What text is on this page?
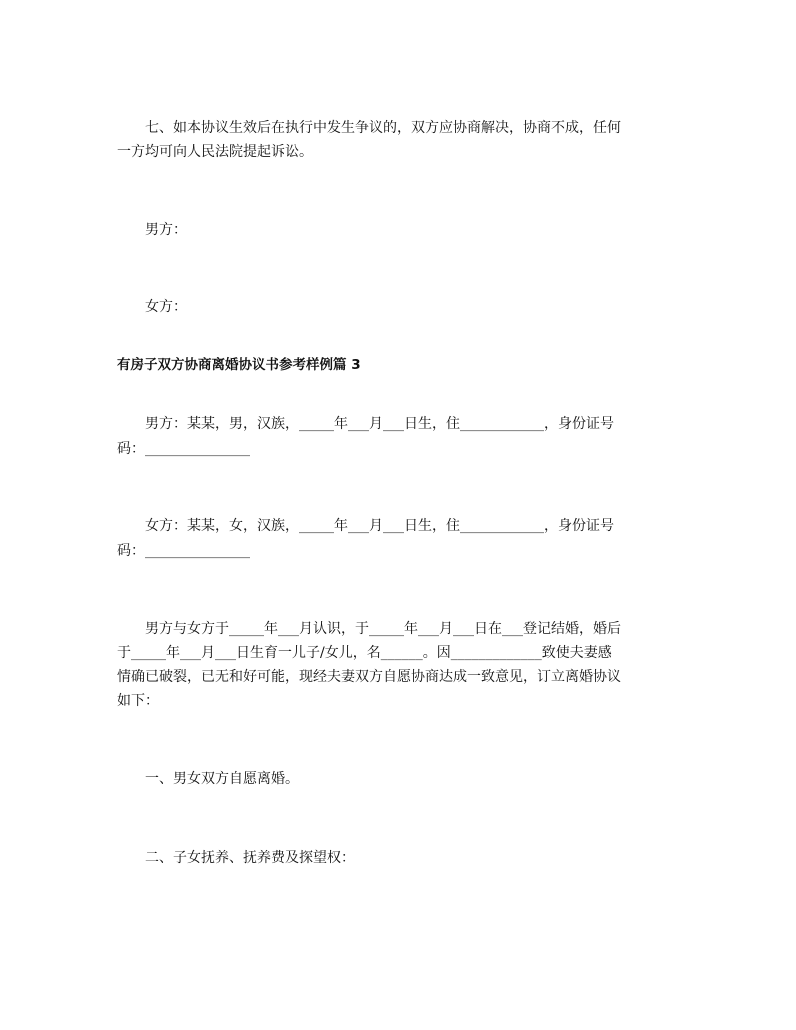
　　七、如本协议生效后在执行中发生争议的，双方应协商解决，协商不成，任何
一方均可向人民法院提起诉讼。
　　男方：
　　女方：
有房子双方协商离婚协议书参考样例篇 3
　　男方：某某，男，汉族，_____年___月___日生，住____________，身份证号
码：_______________
　　女方：某某，女，汉族，_____年___月___日生，住____________，身份证号
码：_______________
　　男方与女方于_____年___月认识，于_____年___月___日在___登记结婚，婚后
于_____年___月___日生育一儿子/女儿，名______。因_____________致使夫妻感
情确已破裂，已无和好可能，现经夫妻双方自愿协商达成一致意见，订立离婚协议
如下：
　　一、男女双方自愿离婚。
　　二、子女抚养、抚养费及探望权：
